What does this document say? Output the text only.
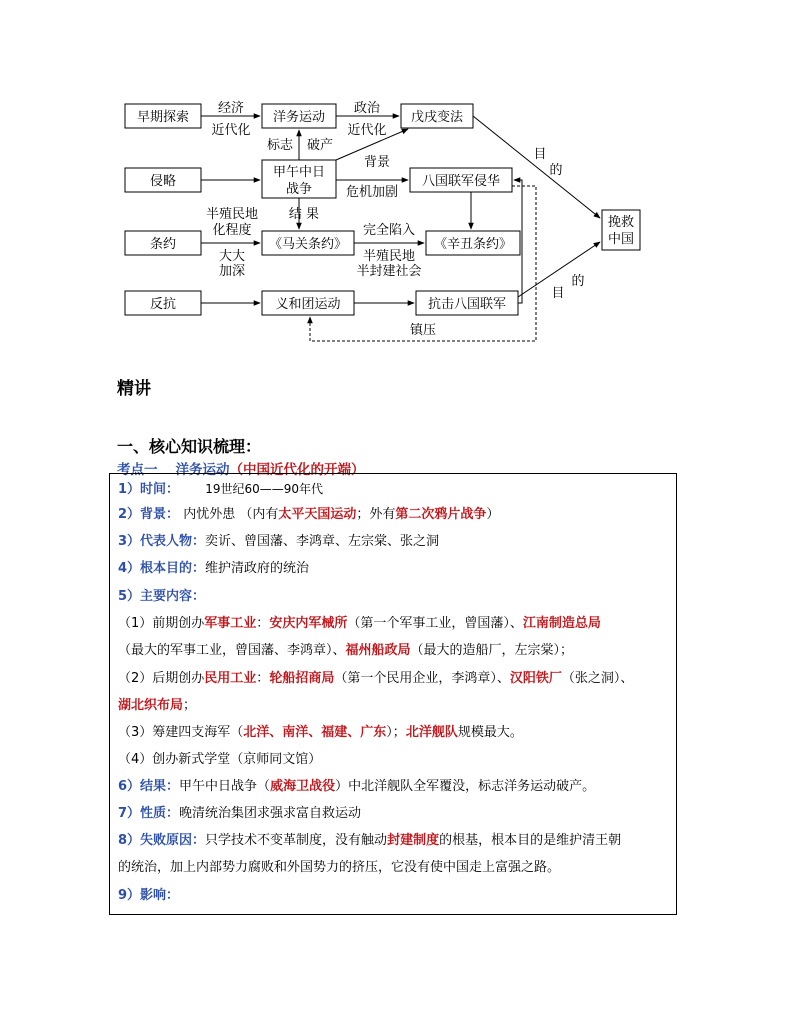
早期探索
侵略
条约
反抗
洋务运动
甲午中日
战争
《马关条约》
义和团运动
戊戌变法
八国联军侵华
《辛丑条约》
抗击八国联军
挽救
中国
经济
近代化
政治
近代化
标志 破产
背景
危机加剧
结 果
半殖民地
化程度
大大
加深
完全陷入
半殖民地
半封建社会
镇压
目
的
的
目
精讲
一、核心知识梳理：
考点一 洋务运动（中国近代化的开端）
1）时间： 19世纪60——90年代
2）背景： 内忧外患 （内有太平天国运动；外有第二次鸦片战争）
3）代表人物：奕䜣、曾国藩、李鸿章、左宗棠、张之洞
4）根本目的：维护清政府的统治
5）主要内容：
（1）前期创办军事工业：安庆内军械所（第一个军事工业，曾国藩）、江南制造总局
（最大的军事工业，曾国藩、李鸿章）、福州船政局（最大的造船厂，左宗棠）；
（2）后期创办民用工业：轮船招商局（第一个民用企业，李鸿章）、汉阳铁厂（张之洞）、
湖北织布局；
（3）筹建四支海军（北洋、南洋、福建、广东）；北洋舰队规模最大。
（4）创办新式学堂（京师同文馆）
6）结果：甲午中日战争（威海卫战役）中北洋舰队全军覆没，标志洋务运动破产。
7）性质：晚清统治集团求强求富自救运动
8）失败原因：只学技术不变革制度，没有触动封建制度的根基，根本目的是维护清王朝
的统治，加上内部势力腐败和外国势力的挤压，它没有使中国走上富强之路。
9）影响：
